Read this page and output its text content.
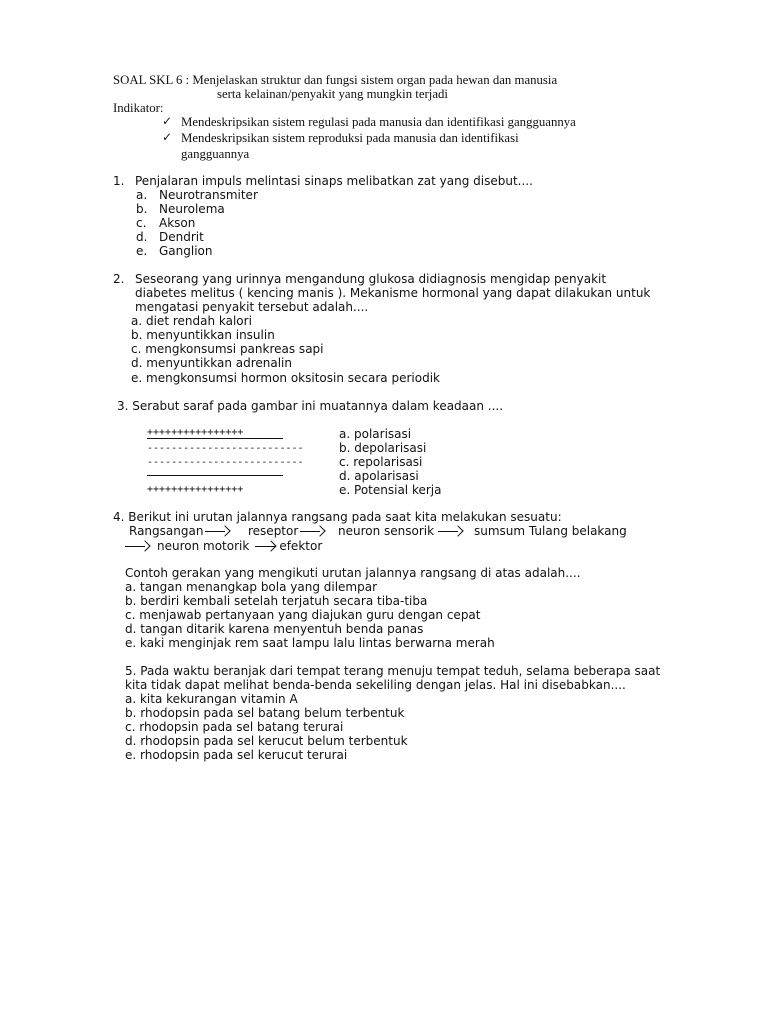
SOAL SKL 6 : Menjelaskan struktur dan fungsi sistem organ pada hewan dan manusia
serta kelainan/penyakit yang mungkin terjadi
Indikator:
✓ Mendeskripsikan sistem regulasi pada manusia dan identifikasi gangguannya
✓ Mendeskripsikan sistem reproduksi pada manusia dan identifikasi
gangguannya
1. Penjalaran impuls melintasi sinaps melibatkan zat yang disebut....
a. Neurotransmiter
b. Neurolema
c. Akson
d. Dendrit
e. Ganglion
2. Seseorang yang urinnya mengandung glukosa didiagnosis mengidap penyakit
diabetes melitus ( kencing manis ). Mekanisme hormonal yang dapat dilakukan untuk
mengatasi penyakit tersebut adalah....
a. diet rendah kalori
b. menyuntikkan insulin
c. mengkonsumsi pankreas sapi
d. menyuntikkan adrenalin
e. mengkonsumsi hormon oksitosin secara periodik
3. Serabut saraf pada gambar ini muatannya dalam keadaan ....
++++++++++++++++
--------------------------
--------------------------
++++++++++++++++
a. polarisasi
b. depolarisasi
c. repolarisasi
d. apolarisasi
e. Potensial kerja
4. Berikut ini urutan jalannya rangsang pada saat kita melakukan sesuatu:
Rangsangan	reseptor	neuron sensorik	sumsum Tulang belakang
neuron motorik	efektor
Contoh gerakan yang mengikuti urutan jalannya rangsang di atas adalah....
a. tangan menangkap bola yang dilempar
b. berdiri kembali setelah terjatuh secara tiba-tiba
c. menjawab pertanyaan yang diajukan guru dengan cepat
d. tangan ditarik karena menyentuh benda panas
e. kaki menginjak rem saat lampu lalu lintas berwarna merah
5. Pada waktu beranjak dari tempat terang menuju tempat teduh, selama beberapa saat
kita tidak dapat melihat benda-benda sekeliling dengan jelas. Hal ini disebabkan....
a. kita kekurangan vitamin A
b. rhodopsin pada sel batang belum terbentuk
c. rhodopsin pada sel batang terurai
d. rhodopsin pada sel kerucut belum terbentuk
e. rhodopsin pada sel kerucut terurai
